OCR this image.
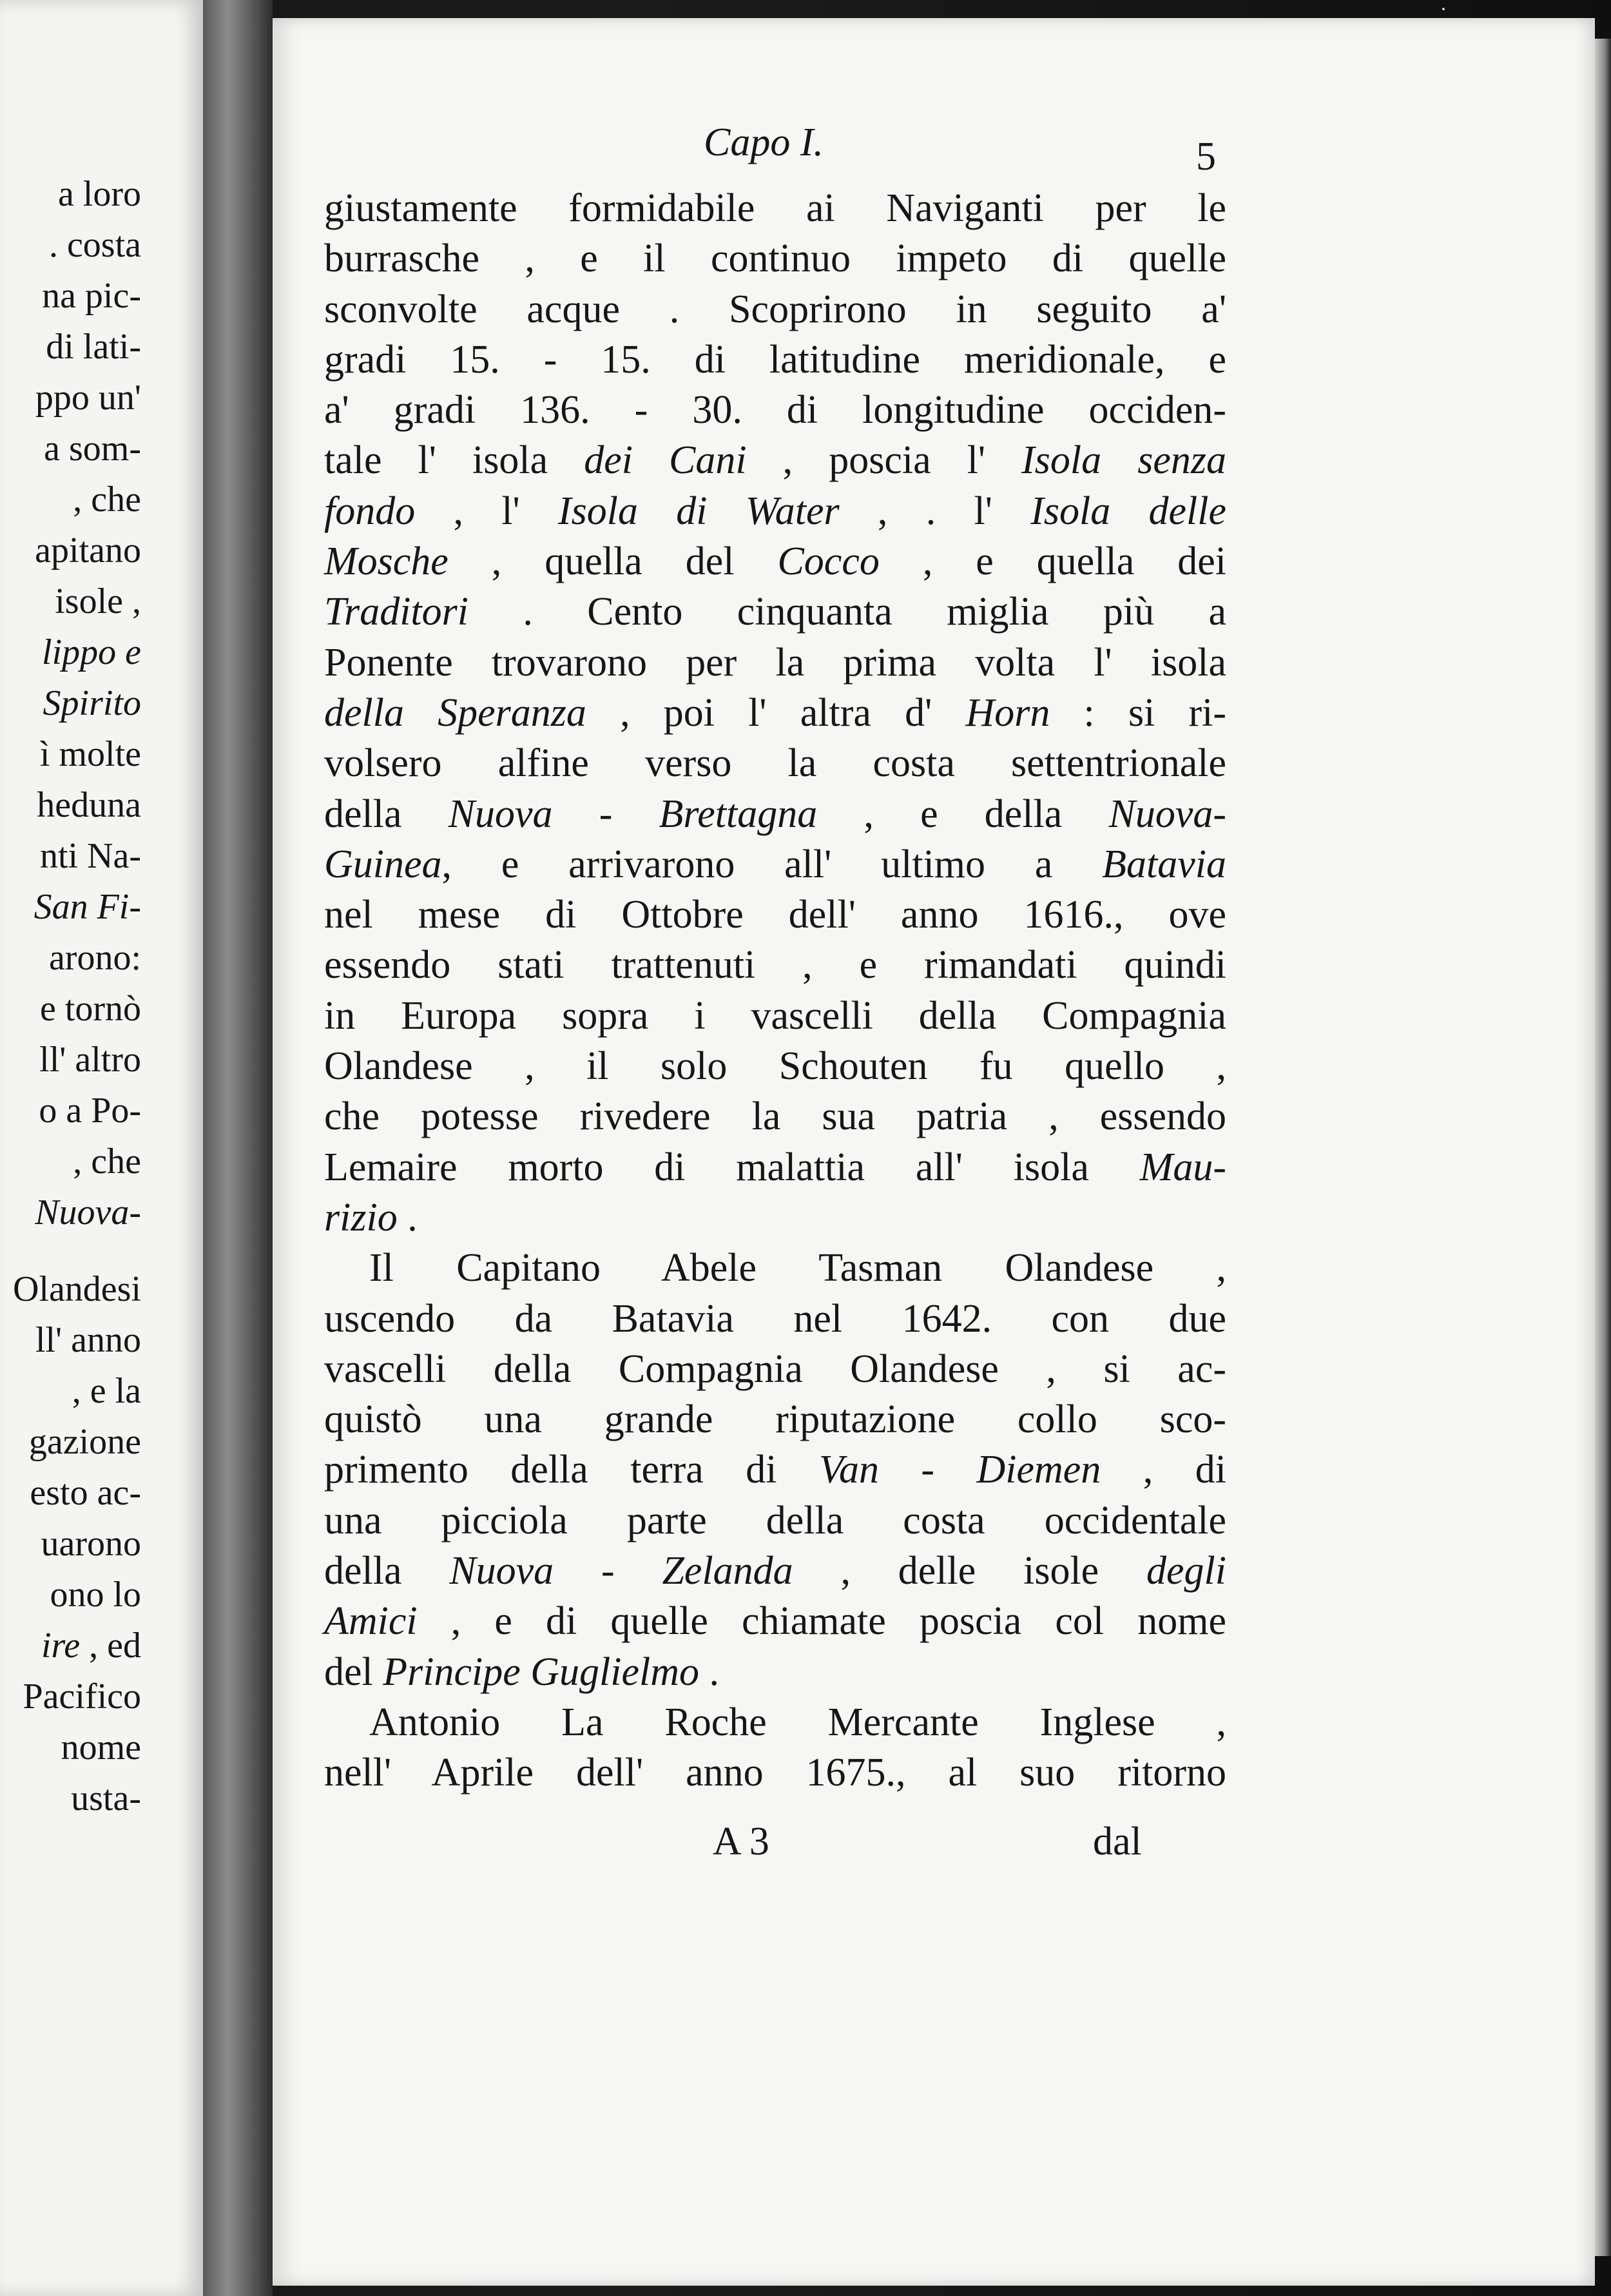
a loro
. costa
na pic-
di lati-
ppo un'
a som-
, che
apitano
isole ,
lippo e
Spirito
ì molte
heduna
nti Na-
San Fi-
arono:
e tornò
ll' altro
o a Po-
, che
Nuova-
Olandesi
ll' anno
, e la
gazione
esto ac-
uarono
ono lo
ire , ed
Pacifico
nome
usta-
Capo I.	5
giustamente formidabile ai Naviganti per le
burrasche , e il continuo impeto di quelle
sconvolte acque . Scoprirono in seguito a'
gradi 15. - 15. di latitudine meridionale, e
a' gradi 136. - 30. di longitudine occiden-
tale l' isola dei Cani , poscia l' Isola senza
fondo , l' Isola di Water , . l' Isola delle
Mosche , quella del Cocco , e quella dei
Traditori . Cento cinquanta miglia più a
Ponente trovarono per la prima volta l' isola
della Speranza , poi l' altra d' Horn : si ri-
volsero alfine verso la costa settentrionale
della Nuova - Brettagna , e della Nuova-
Guinea, e arrivarono all' ultimo a Batavia
nel mese di Ottobre dell' anno 1616., ove
essendo stati trattenuti , e rimandati quindi
in Europa sopra i vascelli della Compagnia
Olandese , il solo Schouten fu quello ,
che potesse rivedere la sua patria , essendo
Lemaire morto di malattia all' isola Mau-
rizio .
Il Capitano Abele Tasman Olandese ,
uscendo da Batavia nel 1642. con due
vascelli della Compagnia Olandese , si ac-
quistò una grande riputazione collo sco-
primento della terra di Van - Diemen , di
una picciola parte della costa occidentale
della Nuova - Zelanda , delle isole degli
Amici , e di quelle chiamate poscia col nome
del Principe Guglielmo .
Antonio La Roche Mercante Inglese ,
nell' Aprile dell' anno 1675., al suo ritorno
A 3	dal
